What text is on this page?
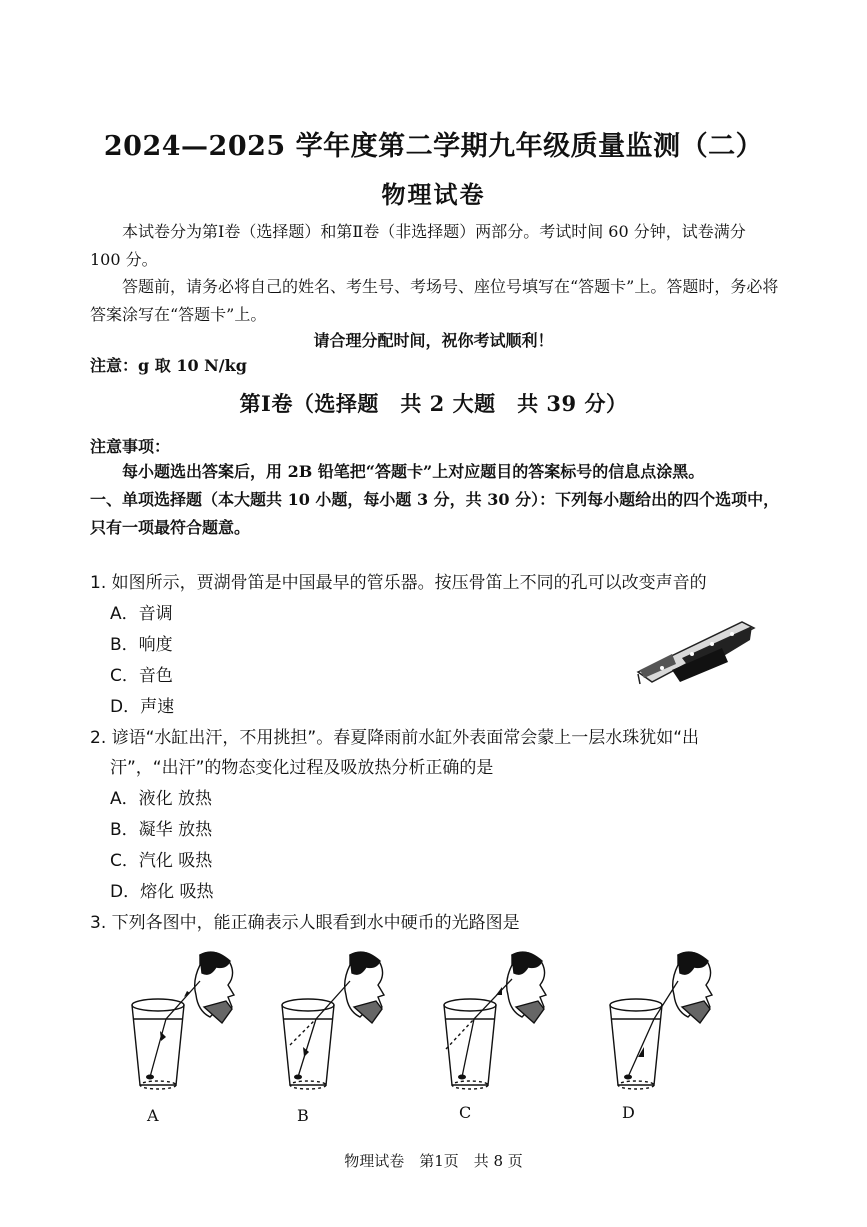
2024—2025 学年度第二学期九年级质量监测（二）
物理试卷
本试卷分为第Ⅰ卷（选择题）和第Ⅱ卷（非选择题）两部分。考试时间 60 分钟，试卷满分 100 分。
答题前，请务必将自己的姓名、考生号、考场号、座位号填写在“答题卡”上。答题时，务必将答案涂写在“答题卡”上。
请合理分配时间，祝你考试顺利！
注意：g 取 10 N/kg
第Ⅰ卷（选择题　共 2 大题　共 39 分）
注意事项：
每小题选出答案后，用 2B 铅笔把“答题卡”上对应题目的答案标号的信息点涂黑。
一、单项选择题（本大题共 10 小题，每小题 3 分，共 30 分）：下列每小题给出的四个选项中，只有一项最符合题意。
1. 如图所示，贾湖骨笛是中国最早的管乐器。按压骨笛上不同的孔可以改变声音的
A．音调
B．响度
C．音色
D．声速
2. 谚语“水缸出汗，不用挑担”。春夏降雨前水缸外表面常会蒙上一层水珠犹如“出
汗”，“出汗”的物态变化过程及吸放热分析正确的是
A．液化 放热
B．凝华 放热
C．汽化 吸热
D．熔化 吸热
3. 下列各图中，能正确表示人眼看到水中硬币的光路图是
A	B	C	D
物理试卷　第1页　共 8 页
